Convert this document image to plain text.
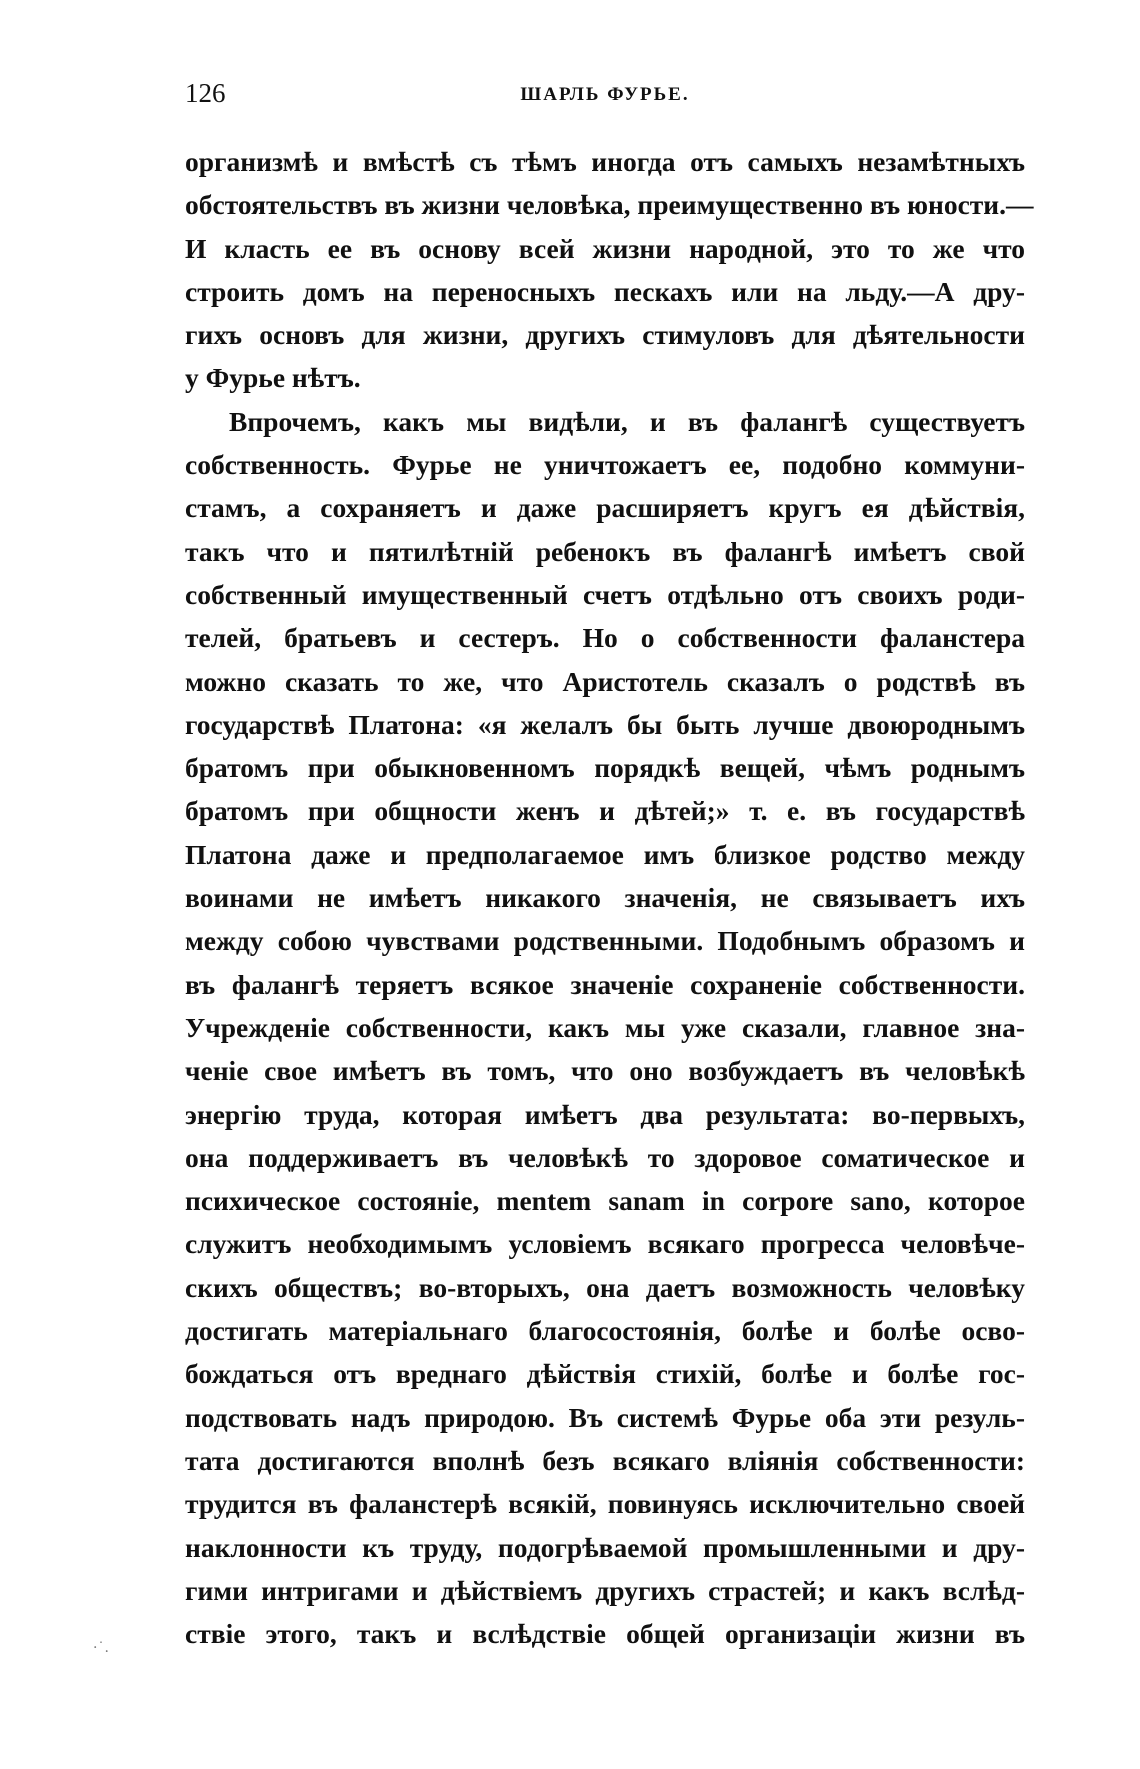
126	ШАРЛЬ ФУРЬЕ.
организмѣ и вмѣстѣ съ тѣмъ иногда отъ самыхъ незамѣтныхъ
обстоятельствъ въ жизни человѣка, преимущественно въ юности.—
И класть ее въ основу всей жизни народной, это то же что
строить домъ на переносныхъ пескахъ или на льду.—А дру-
гихъ основъ для жизни, другихъ стимуловъ для дѣятельности
у Фурье нѣтъ.
Впрочемъ, какъ мы видѣли, и въ фалангѣ существуетъ
собственность. Фурье не уничтожаетъ ее, подобно коммуни-
стамъ, а сохраняетъ и даже расширяетъ кругъ ея дѣйствія,
такъ что и пятилѣтній ребенокъ въ фалангѣ имѣетъ свой
собственный имущественный счетъ отдѣльно отъ своихъ роди-
телей, братьевъ и сестеръ. Но о собственности фаланстера
можно сказать то же, что Аристотель сказалъ о родствѣ въ
государствѣ Платона: «я желалъ бы быть лучше двоюроднымъ
братомъ при обыкновенномъ порядкѣ вещей, чѣмъ роднымъ
братомъ при общности женъ и дѣтей;» т. е. въ государствѣ
Платона даже и предполагаемое имъ близкое родство между
воинами не имѣетъ никакого значенія, не связываетъ ихъ
между собою чувствами родственными. Подобнымъ образомъ и
въ фалангѣ теряетъ всякое значеніе сохраненіе собственности.
Учрежденіе собственности, какъ мы уже сказали, главное зна-
ченіе свое имѣетъ въ томъ, что оно возбуждаетъ въ человѣкѣ
энергію труда, которая имѣетъ два результата: во-первыхъ,
она поддерживаетъ въ человѣкѣ то здоровое соматическое и
психическое состояніе, mentem sanam in corpore sano, которое
служитъ необходимымъ условіемъ всякаго прогресса человѣче-
скихъ обществъ; во-вторыхъ, она даетъ возможность человѣку
достигать матеріальнаго благосостоянія, болѣе и болѣе осво-
бождаться отъ вреднаго дѣйствія стихій, болѣе и болѣе гос-
подствовать надъ природою. Въ системѣ Фурье оба эти резуль-
тата достигаются вполнѣ безъ всякаго вліянія собственности:
трудится въ фаланстерѣ всякій, повинуясь исключительно своей
наклонности къ труду, подогрѣваемой промышленными и дру-
гими интригами и дѣйствіемъ другихъ страстей; и какъ вслѣд-
ствіе этого, такъ и вслѣдствіе общей организаціи жизни въ
·˙.
